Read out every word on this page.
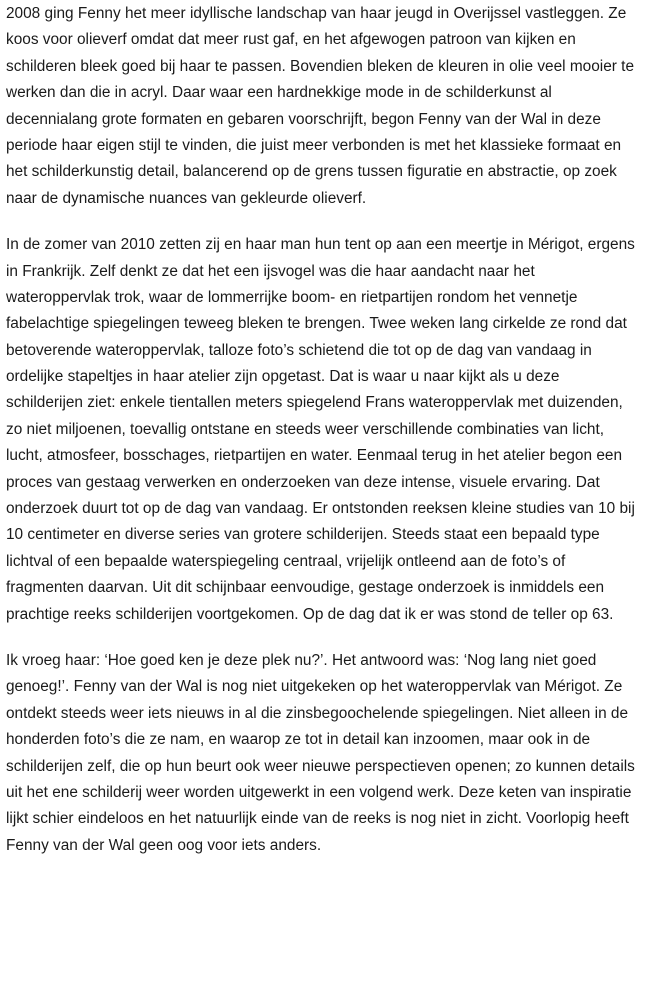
2008 ging Fenny het meer idyllische landschap van haar jeugd in Overijssel vastleggen. Ze
koos voor olieverf omdat dat meer rust gaf, en het afgewogen patroon van kijken en
schilderen bleek goed bij haar te passen. Bovendien bleken de kleuren in olie veel mooier te
werken dan die in acryl. Daar waar een hardnekkige mode in de schilderkunst al
decennialang grote formaten en gebaren voorschrijft, begon Fenny van der Wal in deze
periode haar eigen stijl te vinden, die juist meer verbonden is met het klassieke formaat en
het schilderkunstig detail, balancerend op de grens tussen figuratie en abstractie, op zoek
naar de dynamische nuances van gekleurde olieverf.

In de zomer van 2010 zetten zij en haar man hun tent op aan een meertje in Mérigot, ergens
in Frankrijk. Zelf denkt ze dat het een ijsvogel was die haar aandacht naar het
wateroppervlak trok, waar de lommerrijke boom- en rietpartijen rondom het vennetje
fabelachtige spiegelingen teweeg bleken te brengen. Twee weken lang cirkelde ze rond dat
betoverende wateroppervlak, talloze foto’s schietend die tot op de dag van vandaag in
ordelijke stapeltjes in haar atelier zijn opgetast. Dat is waar u naar kijkt als u deze
schilderijen ziet: enkele tientallen meters spiegelend Frans wateroppervlak met duizenden,
zo niet miljoenen, toevallig ontstane en steeds weer verschillende combinaties van licht,
lucht, atmosfeer, bosschages, rietpartijen en water. Eenmaal terug in het atelier begon een
proces van gestaag verwerken en onderzoeken van deze intense, visuele ervaring. Dat
onderzoek duurt tot op de dag van vandaag. Er ontstonden reeksen kleine studies van 10 bij
10 centimeter en diverse series van grotere schilderijen. Steeds staat een bepaald type
lichtval of een bepaalde waterspiegeling centraal, vrijelijk ontleend aan de foto’s of
fragmenten daarvan. Uit dit schijnbaar eenvoudige, gestage onderzoek is inmiddels een
prachtige reeks schilderijen voortgekomen. Op de dag dat ik er was stond de teller op 63.

Ik vroeg haar: ‘Hoe goed ken je deze plek nu?’. Het antwoord was: ‘Nog lang niet goed
genoeg!’. Fenny van der Wal is nog niet uitgekeken op het wateroppervlak van Mérigot. Ze
ontdekt steeds weer iets nieuws in al die zinsbegoochelende spiegelingen. Niet alleen in de
honderden foto’s die ze nam, en waarop ze tot in detail kan inzoomen, maar ook in de
schilderijen zelf, die op hun beurt ook weer nieuwe perspectieven openen; zo kunnen details
uit het ene schilderij weer worden uitgewerkt in een volgend werk. Deze keten van inspiratie
lijkt schier eindeloos en het natuurlijk einde van de reeks is nog niet in zicht. Voorlopig heeft
Fenny van der Wal geen oog voor iets anders.
